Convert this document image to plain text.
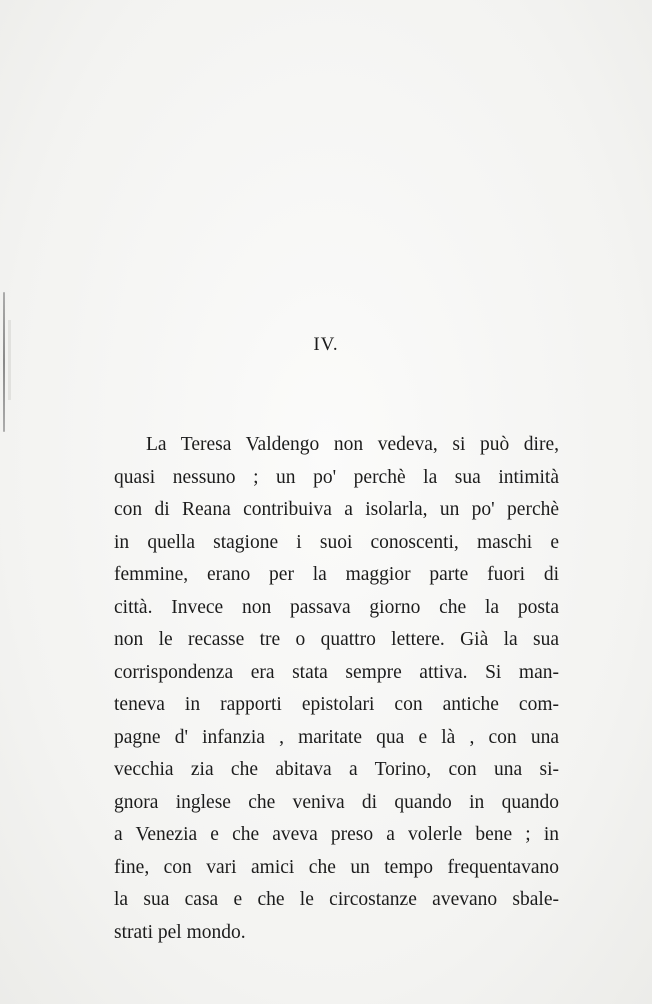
IV.
La Teresa Valdengo non vedeva, si può dire,
quasi nessuno ; un po' perchè la sua intimità
con di Reana contribuiva a isolarla, un po' perchè
in quella stagione i suoi conoscenti, maschi e
femmine, erano per la maggior parte fuori di
città. Invece non passava giorno che la posta
non le recasse tre o quattro lettere. Già la sua
corrispondenza era stata sempre attiva. Si man-
teneva in rapporti epistolari con antiche com-
pagne d' infanzia , maritate qua e là , con una
vecchia zia che abitava a Torino, con una si-
gnora inglese che veniva di quando in quando
a Venezia e che aveva preso a volerle bene ; in
fine, con vari amici che un tempo frequentavano
la sua casa e che le circostanze avevano sbale-
strati pel mondo.
